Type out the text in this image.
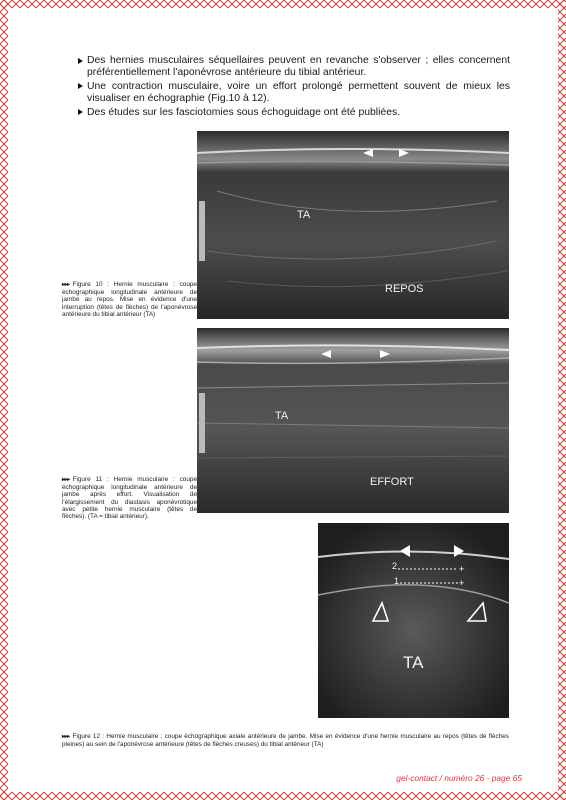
Des hernies musculaires séquellaires peuvent en revanche s'observer ; elles concernent préférentiellement l'aponévrose antérieure du tibial antérieur.
Une contraction musculaire, voire un effort prolongé permettent souvent de mieux les visualiser en échographie (Fig.10 à 12).
Des études sur les fasciotomies sous échoguidage ont été publiées.
TA
REPOS
▸▸▸ Figure 10 : Hernie musculaire : coupe échographique longitudinale antérieure de jambe au repos. Mise en évidence d'une interruption (têtes de flèches) de l'aponévrose antérieure du tibial antérieur (TA)
TA
EFFORT
▸▸▸ Figure 11 : Hernie musculaire : coupe échographique longitudinale antérieure de jambe après effort. Visualisation de l'élargissement du diastasis aponévrotique avec petite hernie musculaire (têtes de flèches). (TA = tibial antérieur).
+
+
2
1
TA
▸▸▸ Figure 12 : Hernie musculaire : coupe échographique axiale antérieure de jambe. Mise en évidence d'une hernie musculaire au repos (têtes de flèches pleines) au sein de l'aponévrose antérieure (têtes de flèches creuses) du tibial antérieur (TA)
gel-contact / numéro 26 - page 65
